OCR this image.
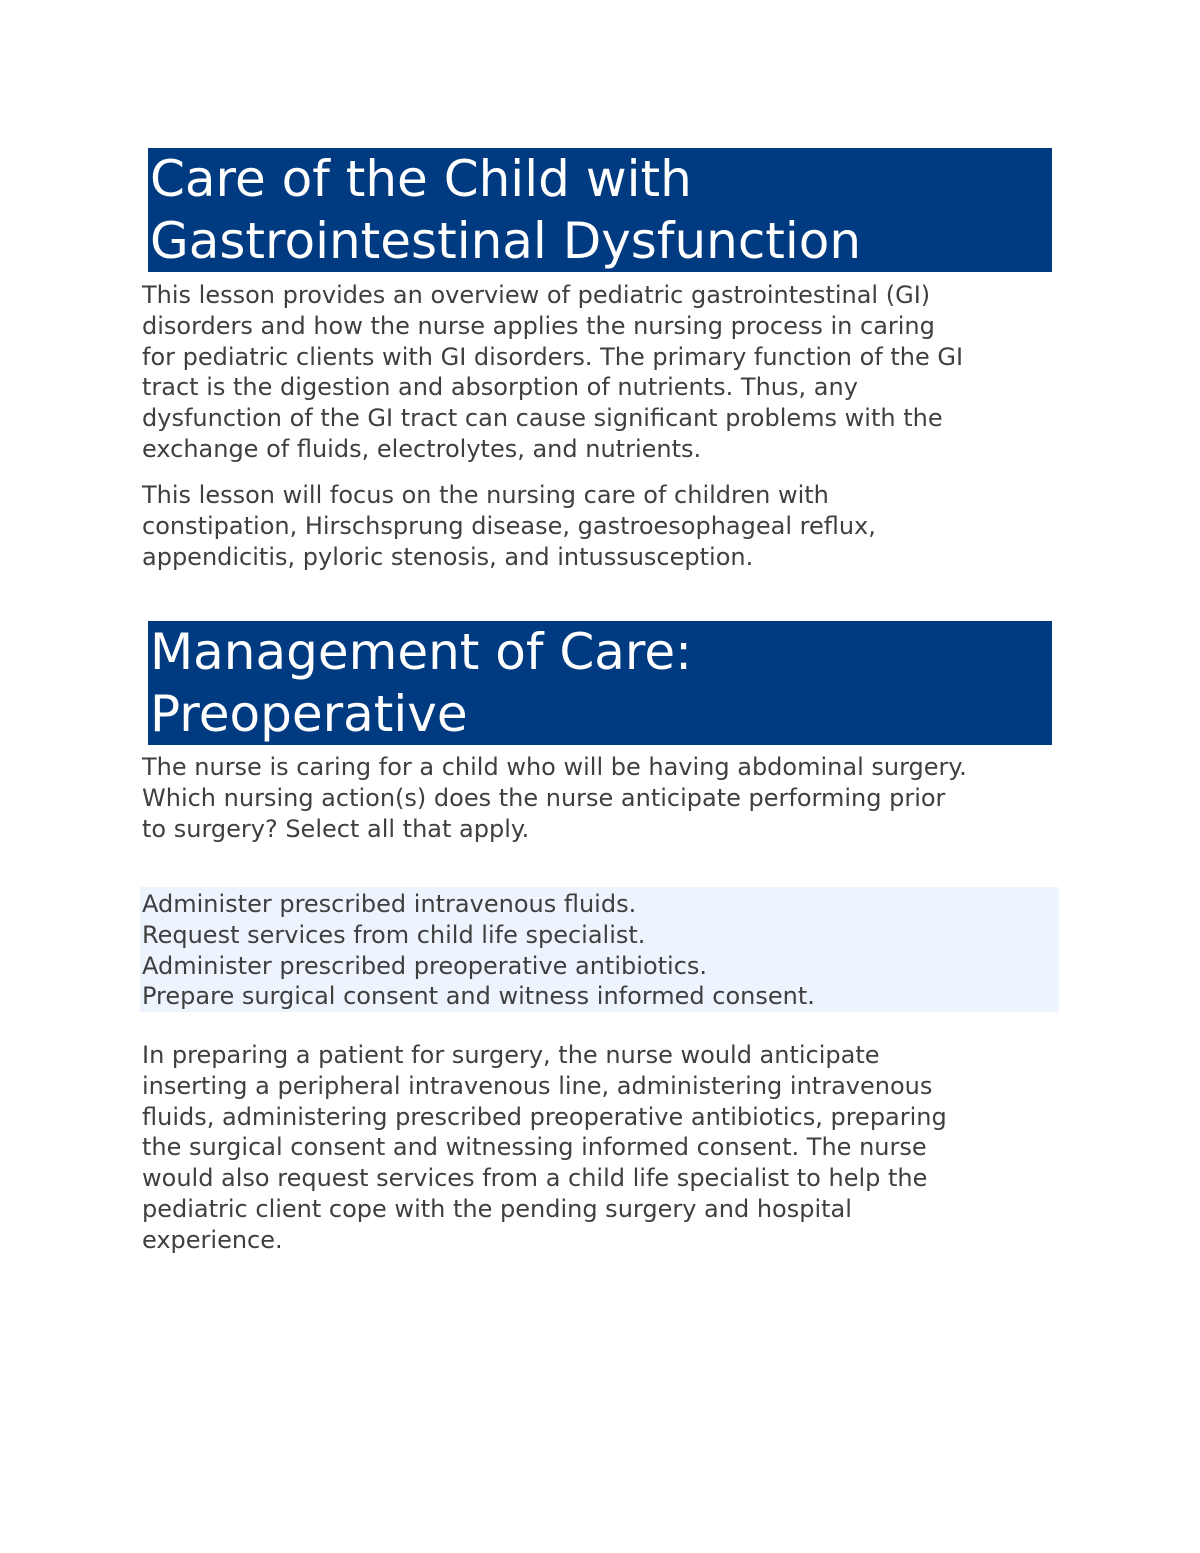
Care of the Child with
Gastrointestinal Dysfunction

This lesson provides an overview of pediatric gastrointestinal (GI)
disorders and how the nurse applies the nursing process in caring
for pediatric clients with GI disorders. The primary function of the GI
tract is the digestion and absorption of nutrients. Thus, any
dysfunction of the GI tract can cause significant problems with the
exchange of fluids, electrolytes, and nutrients.

This lesson will focus on the nursing care of children with
constipation, Hirschsprung disease, gastroesophageal reflux,
appendicitis, pyloric stenosis, and intussusception.

Management of Care:
Preoperative

The nurse is caring for a child who will be having abdominal surgery.
Which nursing action(s) does the nurse anticipate performing prior
to surgery? Select all that apply.

Administer prescribed intravenous fluids.
Request services from child life specialist.
Administer prescribed preoperative antibiotics.
Prepare surgical consent and witness informed consent.

In preparing a patient for surgery, the nurse would anticipate
inserting a peripheral intravenous line, administering intravenous
fluids, administering prescribed preoperative antibiotics, preparing
the surgical consent and witnessing informed consent. The nurse
would also request services from a child life specialist to help the
pediatric client cope with the pending surgery and hospital
experience.
